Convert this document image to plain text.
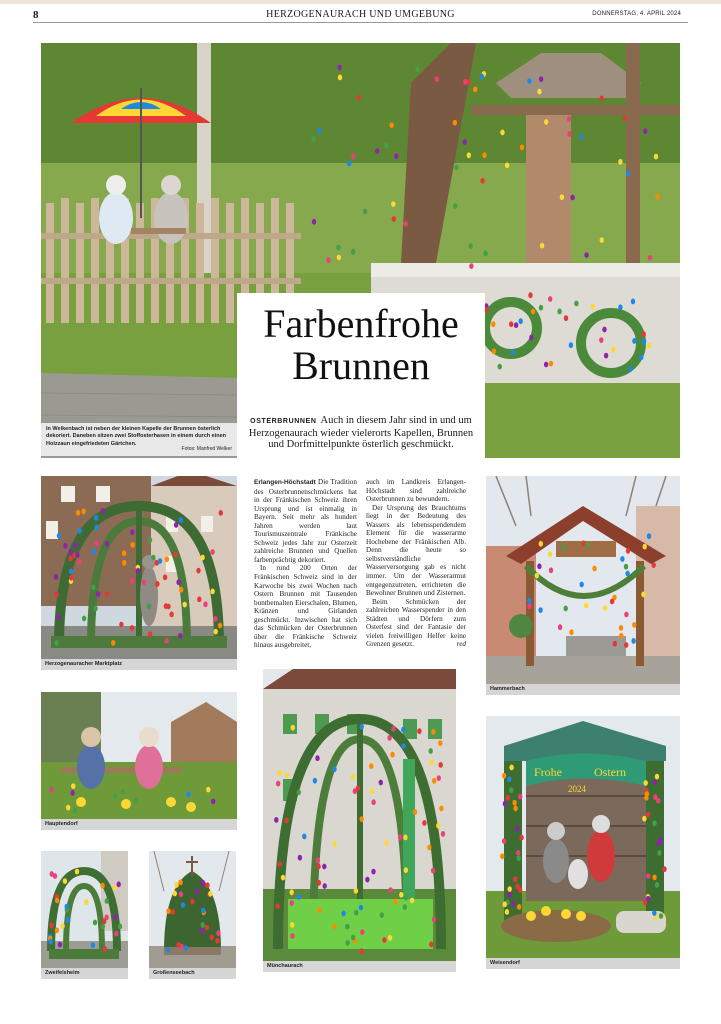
8	HERZOGENAURACH UND UMGEBUNG	DONNERSTAG, 4. APRIL 2024
In Welkenbach ist neben der kleinen Kapelle der Brunnen österlich dekoriert. Daneben sitzen zwei Stoffosterhasen in einem durch einen Holzzaun eingefriedeten Gärtchen.
Fotos: Manfred Welker
Farbenfrohe
Brunnen
OSTERBRUNNEN Auch in diesem Jahr sind in und um Herzogenaurach wieder vielerorts Kapellen, Brunnen und Dorfmittelpunkte österlich geschmückt.

Erlangen-Höchstadt Die Tradition des Osterbrunnenschmückens hat in der Fränkischen Schweiz ihren Ursprung und ist einmalig in Bayern. Seit mehr als hundert Jahren werden laut Tourismuszentrale Fränkische Schweiz jedes Jahr zur Osterzeit zahlreiche Brunnen und Quellen farbenprächtig dekoriert.

In rund 200 Orten der Fränkischen Schweiz sind in der Karwoche bis zwei Wochen nach Ostern Brunnen mit Tausenden buntbemalten Eierschalen, Blumen, Kränzen und Girlanden geschmückt. Inzwischen hat sich das Schmücken der Osterbrunnen über die Fränkische Schweiz hinaus ausgebreitet,

auch im Landkreis Erlangen-Höchstadt sind zahlreiche Osterbrunnen zu bewundern.

Der Ursprung des Brauchtums liegt in der Bedeutung des Wassers als lebensspendendem Element für die wasserarme Hochebene der Fränkischen Alb. Denn die heute so selbstverständliche Wasserversorgung gab es nicht immer. Um der Wasserarmut entgegenzutreten, errichteten die Bewohner Brunnen und Zisternen.

Beim Schmücken der zahlreichen Wasserspender in den Städten und Dörfern zum Osterfest sind der Fantasie der vielen freiwilligen Helfer keine Grenzen gesetzt.	red

Herzogenauracher Marktplatz
Hammerbach
Hauptendorf
Münchaurach
Frohe	Ostern
2024
Weisendorf
Zweifelsheim	Großenseebach
